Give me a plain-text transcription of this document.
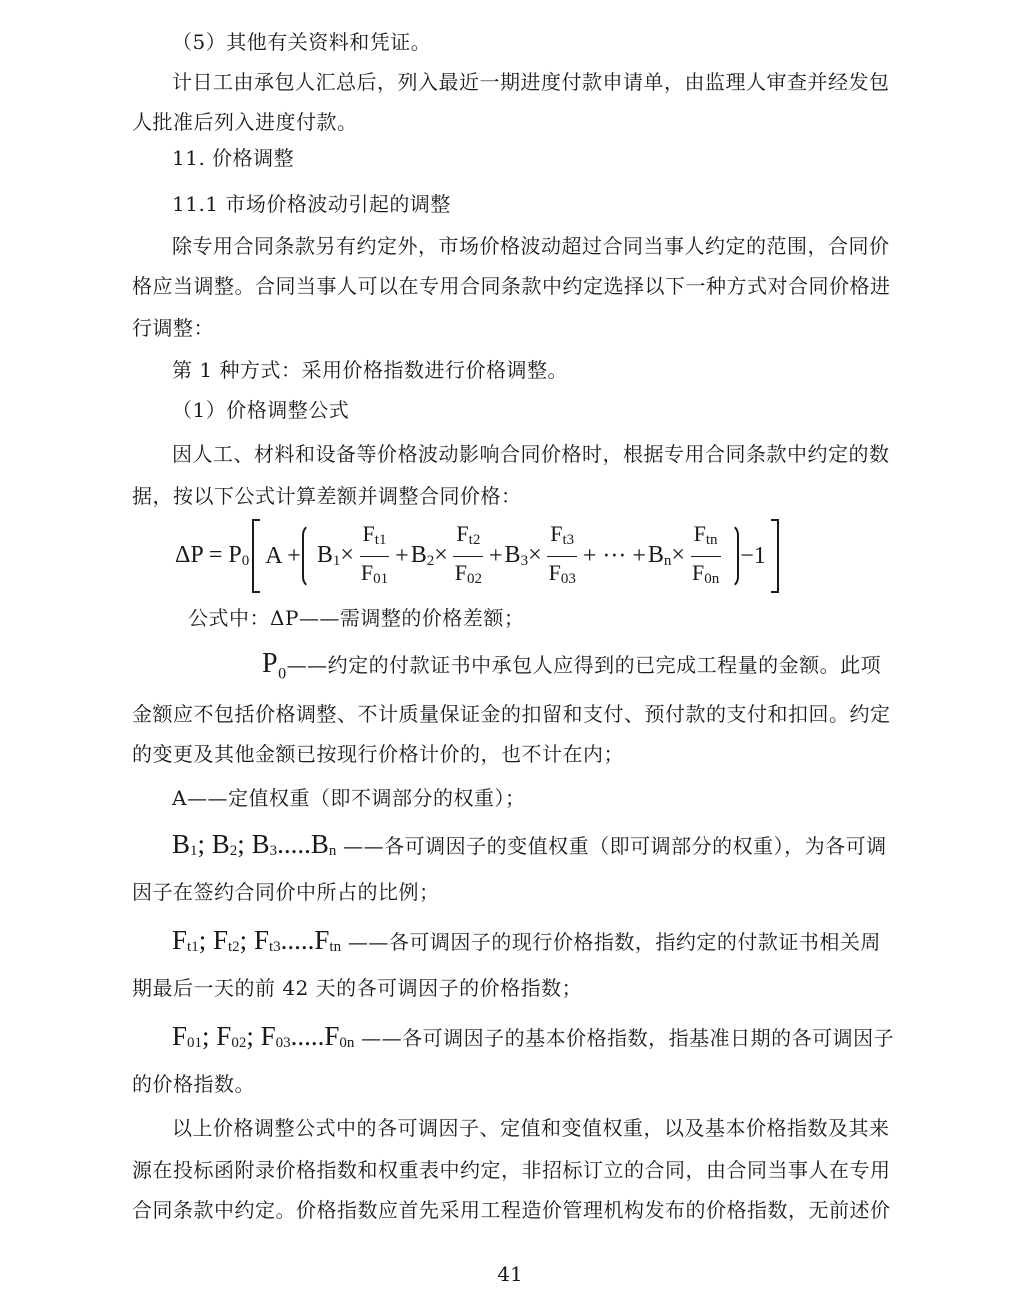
（5）其他有关资料和凭证。
计日工由承包人汇总后，列入最近一期进度付款申请单，由监理人审查并经发包
人批准后列入进度付款。
11. 价格调整
11.1 市场价格波动引起的调整
除专用合同条款另有约定外，市场价格波动超过合同当事人约定的范围，合同价
格应当调整。合同当事人可以在专用合同条款中约定选择以下一种方式对合同价格进
行调整：
第 1 种方式：采用价格指数进行价格调整。
（1）价格调整公式
因人工、材料和设备等价格波动影响合同价格时，根据专用合同条款中约定的数
据，按以下公式计算差额并调整合同价格：
$\Delta P = P_0$ $A + B_1\times \frac{F_{t1}}{F_{01}} + B_2\times \frac{F_{t2}}{F_{02}} + B_3\times \frac{F_{t3}}{F_{03}}$ + ··· + $B_n\times \frac{F_{tn}}{F_{0n}} -1$
公式中：ΔP——需调整的价格差额；
$P_0——$约定的付款证书中承包人应得到的已完成工程量的金额。此项
金额应不包括价格调整、不计质量保证金的扣留和支付、预付款的支付和扣回。约定
的变更及其他金额已按现行价格计价的，也不计在内；
A——定值权重（即不调部分的权重）；
$B_1$; $B_2$; $B_3.....B_n$ ——各可调因子的变值权重（即可调部分的权重），为各可调
因子在签约合同价中所占的比例；
$F_{t1}$; $F_{t2}$; $F_{t3}.....F_{tn}$ ——各可调因子的现行价格指数，指约定的付款证书相关周
期最后一天的前 42 天的各可调因子的价格指数；
$F_{01}$; $F_{02}$; $F_{03}.....F_{0n}$ ——各可调因子的基本价格指数，指基准日期的各可调因子
的价格指数。
以上价格调整公式中的各可调因子、定值和变值权重，以及基本价格指数及其来
源在投标函附录价格指数和权重表中约定，非招标订立的合同，由合同当事人在专用
合同条款中约定。价格指数应首先采用工程造价管理机构发布的价格指数，无前述价
41
